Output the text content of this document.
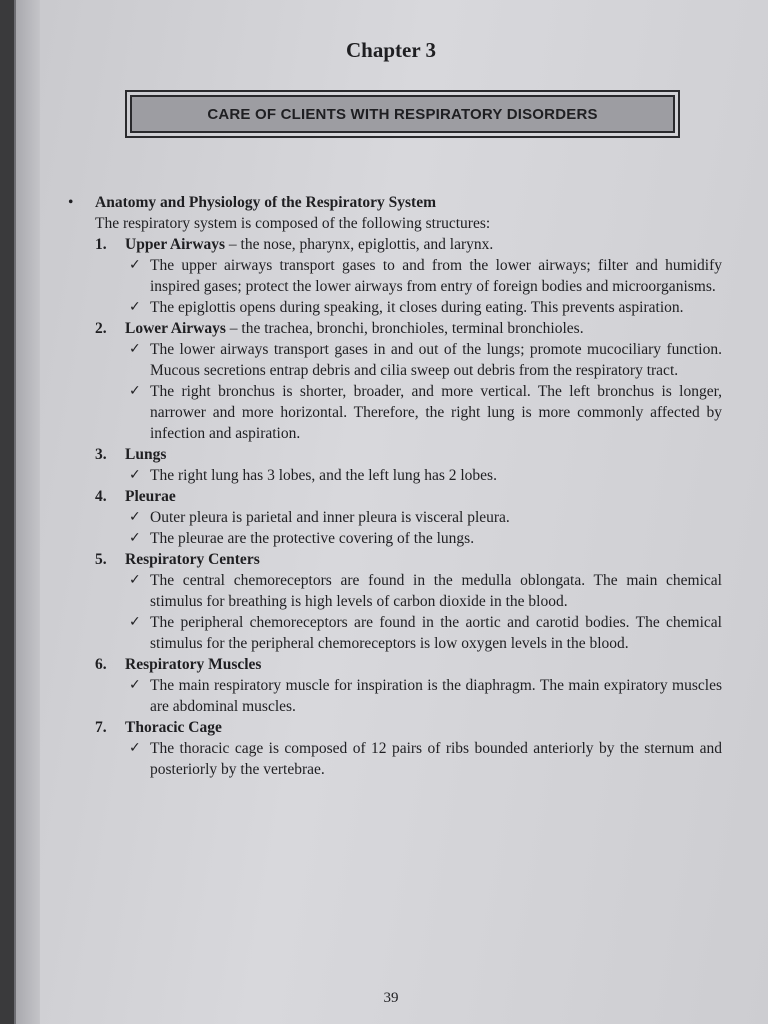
Chapter 3
CARE OF CLIENTS WITH RESPIRATORY DISORDERS
• Anatomy and Physiology of the Respiratory System
The respiratory system is composed of the following structures:
1. Upper Airways – the nose, pharynx, epiglottis, and larynx.
✓ The upper airways transport gases to and from the lower airways; filter and humidify inspired gases; protect the lower airways from entry of foreign bodies and microorganisms.
✓ The epiglottis opens during speaking, it closes during eating. This prevents aspiration.
2. Lower Airways – the trachea, bronchi, bronchioles, terminal bronchioles.
✓ The lower airways transport gases in and out of the lungs; promote mucociliary function. Mucous secretions entrap debris and cilia sweep out debris from the respiratory tract.
✓ The right bronchus is shorter, broader, and more vertical. The left bronchus is longer, narrower and more horizontal. Therefore, the right lung is more commonly affected by infection and aspiration.
3. Lungs
✓ The right lung has 3 lobes, and the left lung has 2 lobes.
4. Pleurae
✓ Outer pleura is parietal and inner pleura is visceral pleura.
✓ The pleurae are the protective covering of the lungs.
5. Respiratory Centers
✓ The central chemoreceptors are found in the medulla oblongata. The main chemical stimulus for breathing is high levels of carbon dioxide in the blood.
✓ The peripheral chemoreceptors are found in the aortic and carotid bodies. The chemical stimulus for the peripheral chemoreceptors is low oxygen levels in the blood.
6. Respiratory Muscles
✓ The main respiratory muscle for inspiration is the diaphragm. The main expiratory muscles are abdominal muscles.
7. Thoracic Cage
✓ The thoracic cage is composed of 12 pairs of ribs bounded anteriorly by the sternum and posteriorly by the vertebrae.
39
